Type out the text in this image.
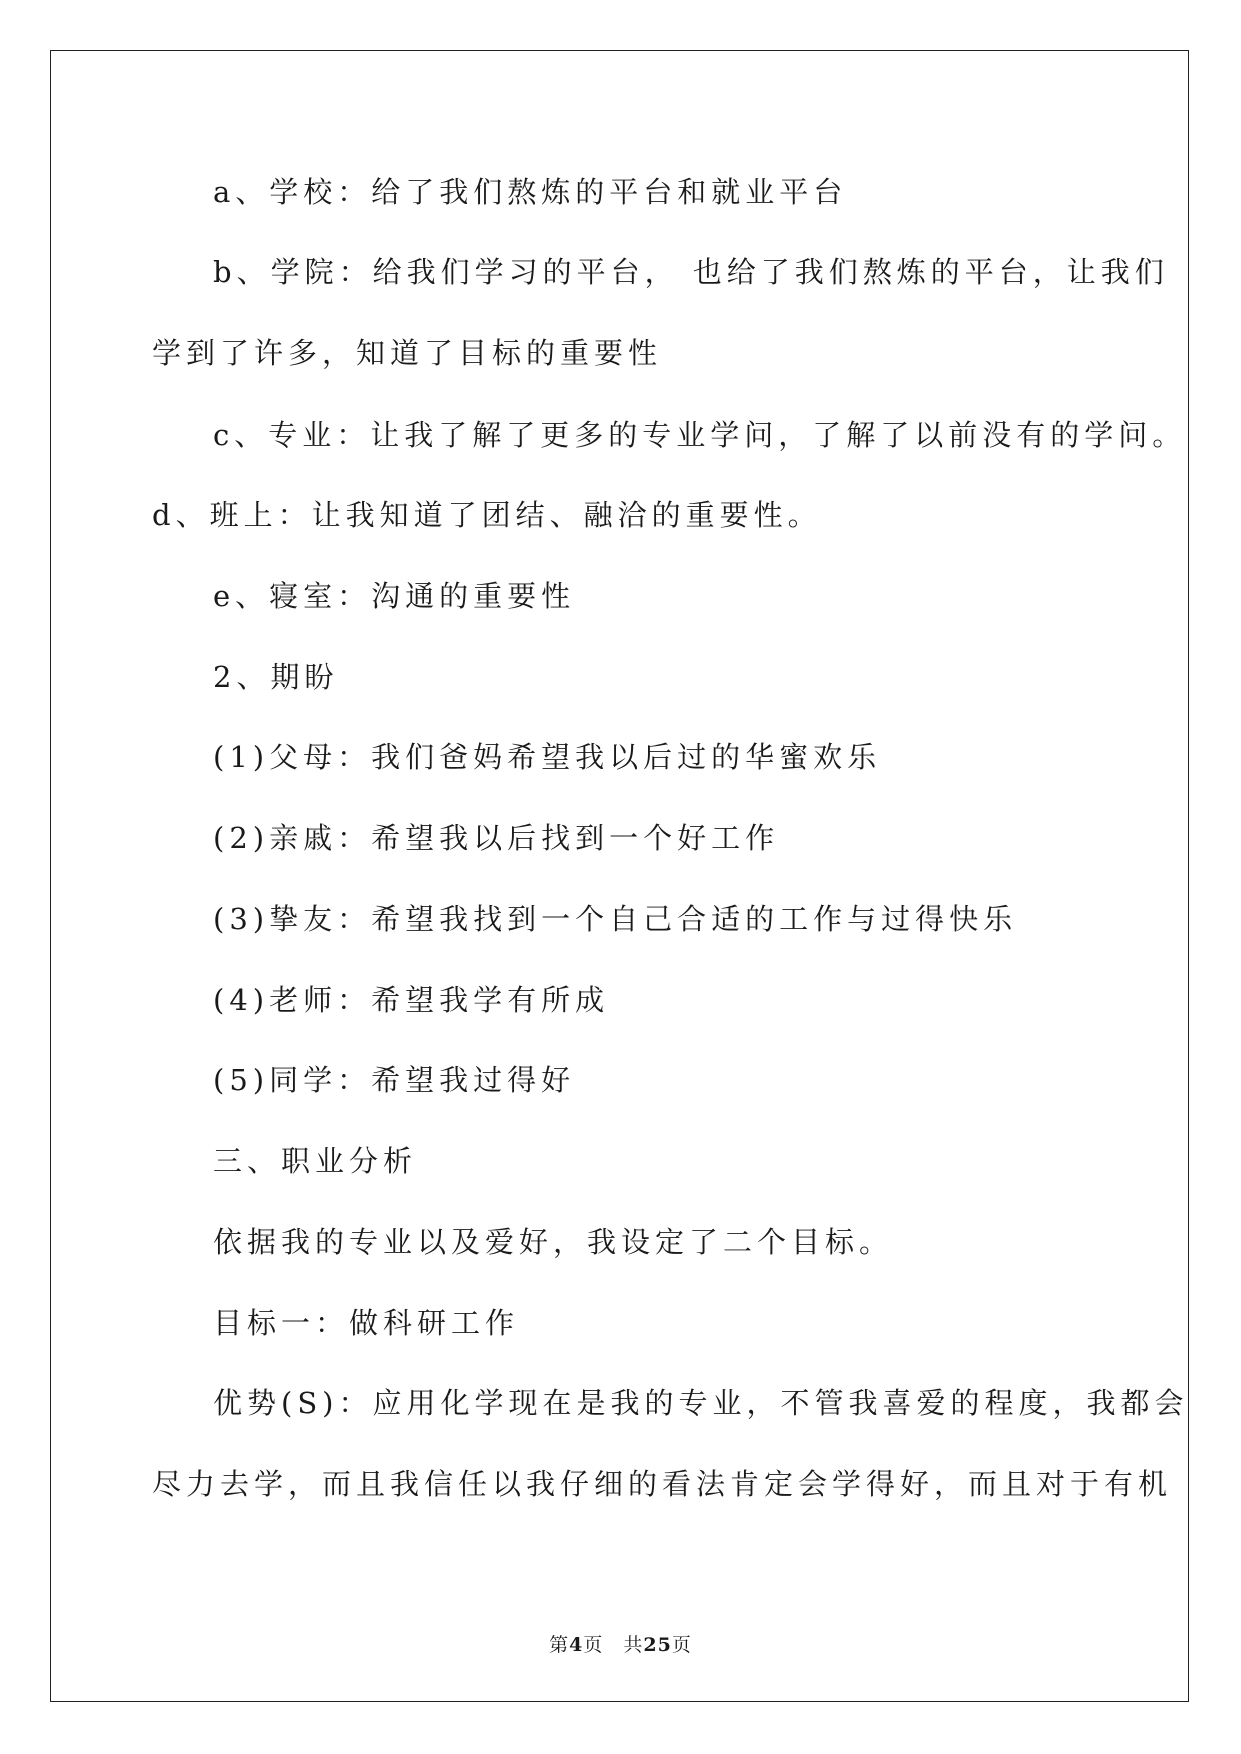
a、学校：给了我们熬炼的平台和就业平台
b、学院：给我们学习的平台， 也给了我们熬炼的平台，让我们
学到了许多，知道了目标的重要性
c、专业：让我了解了更多的专业学问，了解了以前没有的学问。
d、班上：让我知道了团结、融洽的重要性。
e、寝室：沟通的重要性
2、期盼
(1)父母：我们爸妈希望我以后过的华蜜欢乐
(2)亲戚：希望我以后找到一个好工作
(3)挚友：希望我找到一个自己合适的工作与过得快乐
(4)老师：希望我学有所成
(5)同学：希望我过得好
三、职业分析
依据我的专业以及爱好，我设定了二个目标。
目标一：做科研工作
优势(S)：应用化学现在是我的专业，不管我喜爱的程度，我都会
尽力去学，而且我信任以我仔细的看法肯定会学得好，而且对于有机
第4页　共25页
